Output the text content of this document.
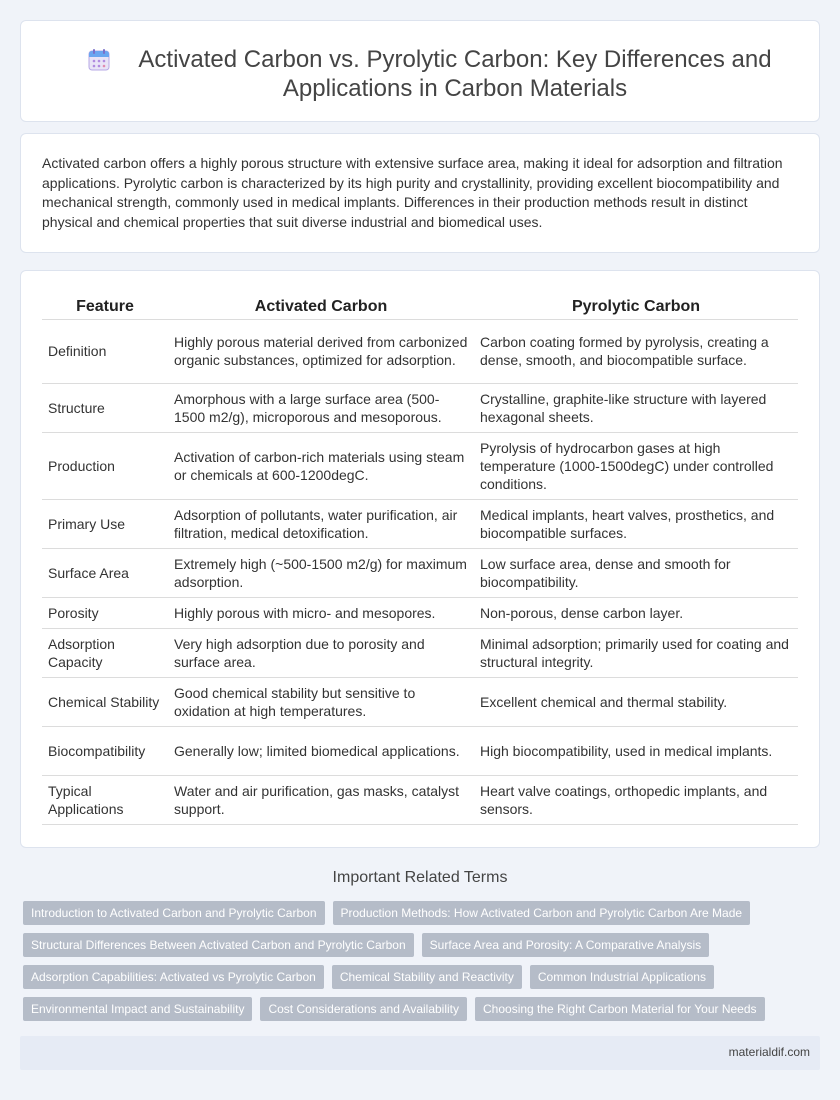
Activated Carbon vs. Pyrolytic Carbon: Key Differences and Applications in Carbon Materials

Activated carbon offers a highly porous structure with extensive surface area, making it ideal for adsorption and filtration applications. Pyrolytic carbon is characterized by its high purity and crystallinity, providing excellent biocompatibility and mechanical strength, commonly used in medical implants. Differences in their production methods result in distinct physical and chemical properties that suit diverse industrial and biomedical uses.

Feature	Activated Carbon	Pyrolytic Carbon
Definition	Highly porous material derived from carbonized organic substances, optimized for adsorption.	Carbon coating formed by pyrolysis, creating a dense, smooth, and biocompatible surface.
Structure	Amorphous with a large surface area (500-1500 m2/g), microporous and mesoporous.	Crystalline, graphite-like structure with layered hexagonal sheets.
Production	Activation of carbon-rich materials using steam or chemicals at 600-1200degC.	Pyrolysis of hydrocarbon gases at high temperature (1000-1500degC) under controlled conditions.
Primary Use	Adsorption of pollutants, water purification, air filtration, medical detoxification.	Medical implants, heart valves, prosthetics, and biocompatible surfaces.
Surface Area	Extremely high (~500-1500 m2/g) for maximum adsorption.	Low surface area, dense and smooth for biocompatibility.
Porosity	Highly porous with micro- and mesopores.	Non-porous, dense carbon layer.
Adsorption Capacity	Very high adsorption due to porosity and surface area.	Minimal adsorption; primarily used for coating and structural integrity.
Chemical Stability	Good chemical stability but sensitive to oxidation at high temperatures.	Excellent chemical and thermal stability.
Biocompatibility	Generally low; limited biomedical applications.	High biocompatibility, used in medical implants.
Typical Applications	Water and air purification, gas masks, catalyst support.	Heart valve coatings, orthopedic implants, and sensors.
Important Related Terms
Introduction to Activated Carbon and Pyrolytic Carbon	Production Methods: How Activated Carbon and Pyrolytic Carbon Are Made
Structural Differences Between Activated Carbon and Pyrolytic Carbon	Surface Area and Porosity: A Comparative Analysis
Adsorption Capabilities: Activated vs Pyrolytic Carbon	Chemical Stability and Reactivity	Common Industrial Applications
Environmental Impact and Sustainability	Cost Considerations and Availability	Choosing the Right Carbon Material for Your Needs
materialdif.com
